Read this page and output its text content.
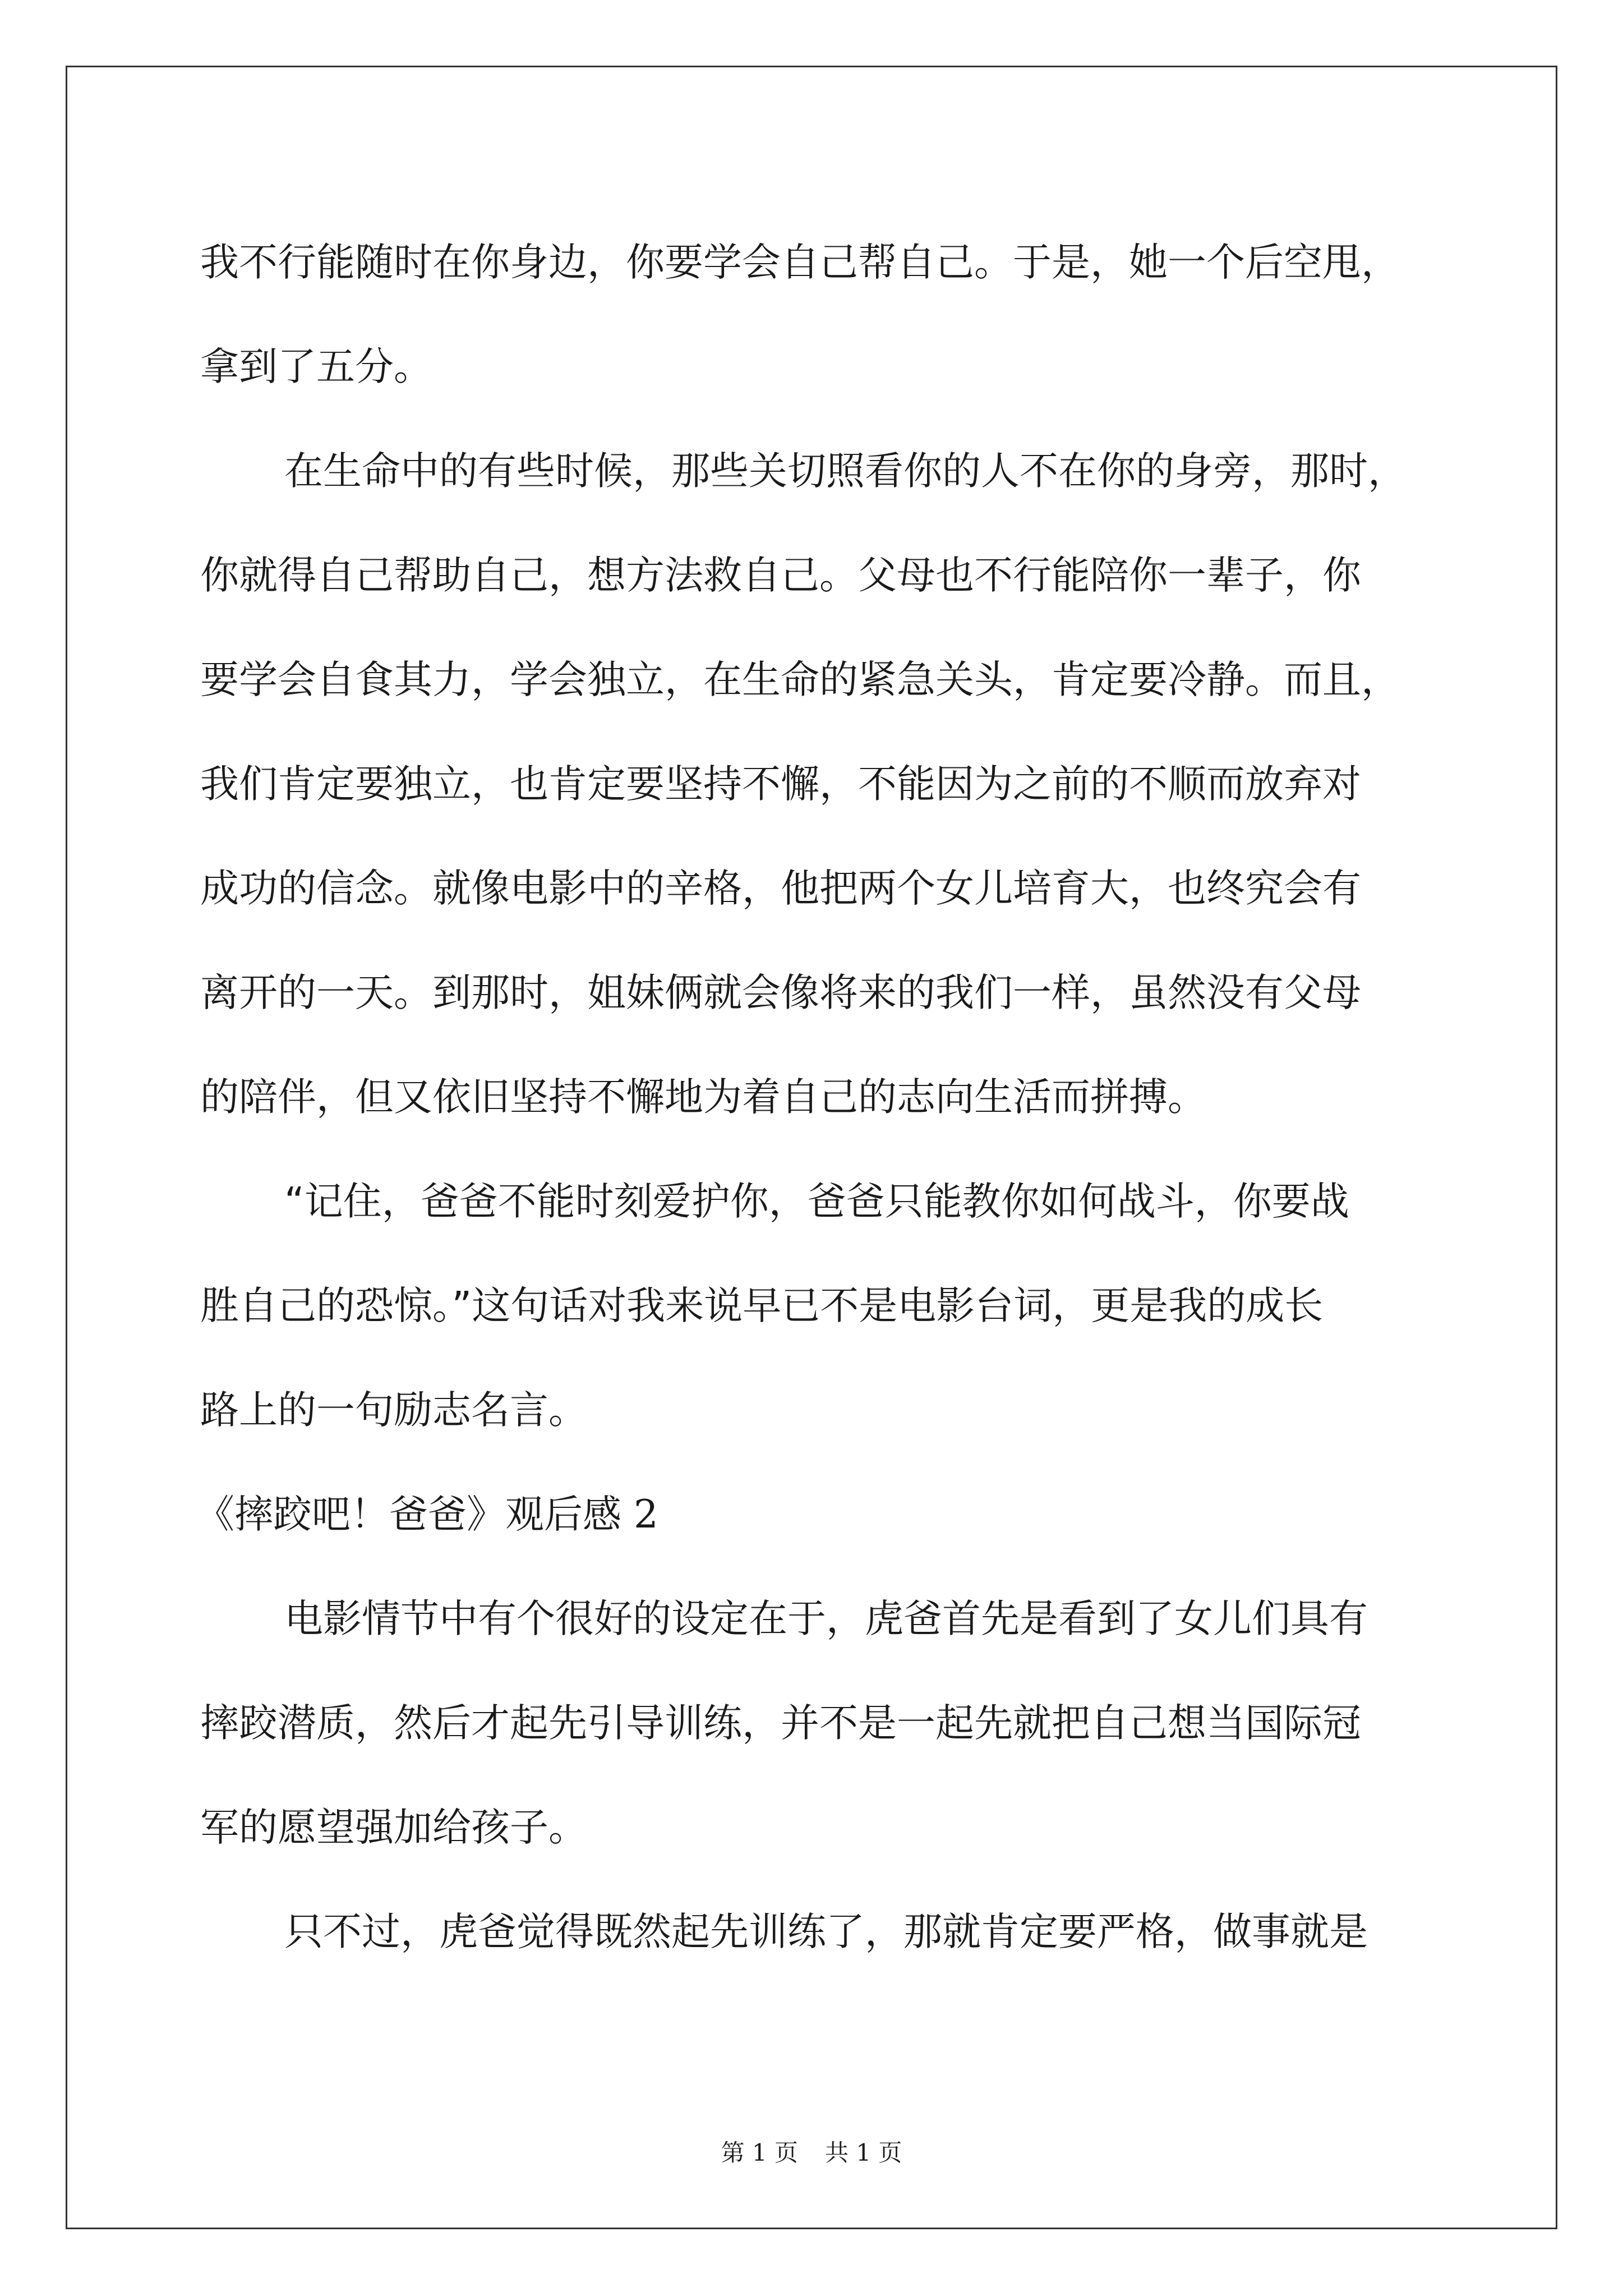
我不行能随时在你身边，你要学会自己帮自己。于是，她一个后空甩，
拿到了五分。
在生命中的有些时候，那些关切照看你的人不在你的身旁，那时，
你就得自己帮助自己，想方法救自己。父母也不行能陪你一辈子，你
要学会自食其力，学会独立，在生命的紧急关头，肯定要冷静。而且，
我们肯定要独立，也肯定要坚持不懈，不能因为之前的不顺而放弃对
成功的信念。就像电影中的辛格，他把两个女儿培育大，也终究会有
离开的一天。到那时，姐妹俩就会像将来的我们一样，虽然没有父母
的陪伴，但又依旧坚持不懈地为着自己的志向生活而拼搏。
“记住，爸爸不能时刻爱护你，爸爸只能教你如何战斗，你要战
胜自己的恐惊。”这句话对我来说早已不是电影台词，更是我的成长
路上的一句励志名言。
《摔跤吧！爸爸》观后感 2
电影情节中有个很好的设定在于，虎爸首先是看到了女儿们具有
摔跤潜质，然后才起先引导训练，并不是一起先就把自己想当国际冠
军的愿望强加给孩子。
只不过，虎爸觉得既然起先训练了，那就肯定要严格，做事就是
第 1 页 共 1 页
